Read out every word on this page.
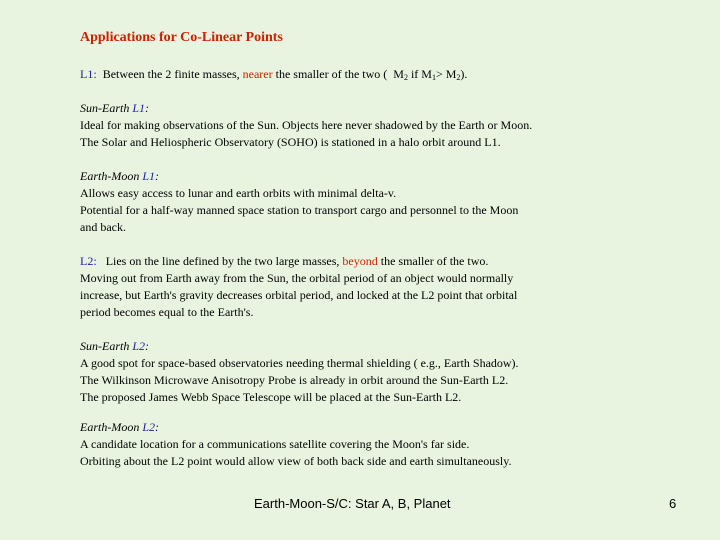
Applications for Co-Linear Points

L1:  Between the 2 finite masses, nearer the smaller of the two (  $M_2$ if $M_1> M_2$).

Sun-Earth L1:

Ideal for making observations of the Sun. Objects here never shadowed by the Earth or Moon.

The Solar and Heliospheric Observatory (SOHO) is stationed in a halo orbit around L1.

Earth-Moon L1:

Allows easy access to lunar and earth orbits with minimal delta-v.

Potential for a half-way manned space station to transport cargo and personnel to the Moon

and back.

L2:   Lies on the line defined by the two large masses, beyond the smaller of the two.

Moving out from Earth away from the Sun, the orbital period of an object would normally

increase, but Earth's gravity decreases orbital period, and locked at the L2 point that orbital

period becomes equal to the Earth's.

Sun-Earth L2:

A good spot for space-based observatories needing thermal shielding ( e.g., Earth Shadow).

The Wilkinson Microwave Anisotropy Probe is already in orbit around the Sun-Earth L2.

The proposed James Webb Space Telescope will be placed at the Sun-Earth L2.

Earth-Moon L2:

A candidate location for a communications satellite covering the Moon's far side.

Orbiting about the L2 point would allow view of both back side and earth simultaneously.

Earth-Moon-S/C: Star A, B, Planet	6
